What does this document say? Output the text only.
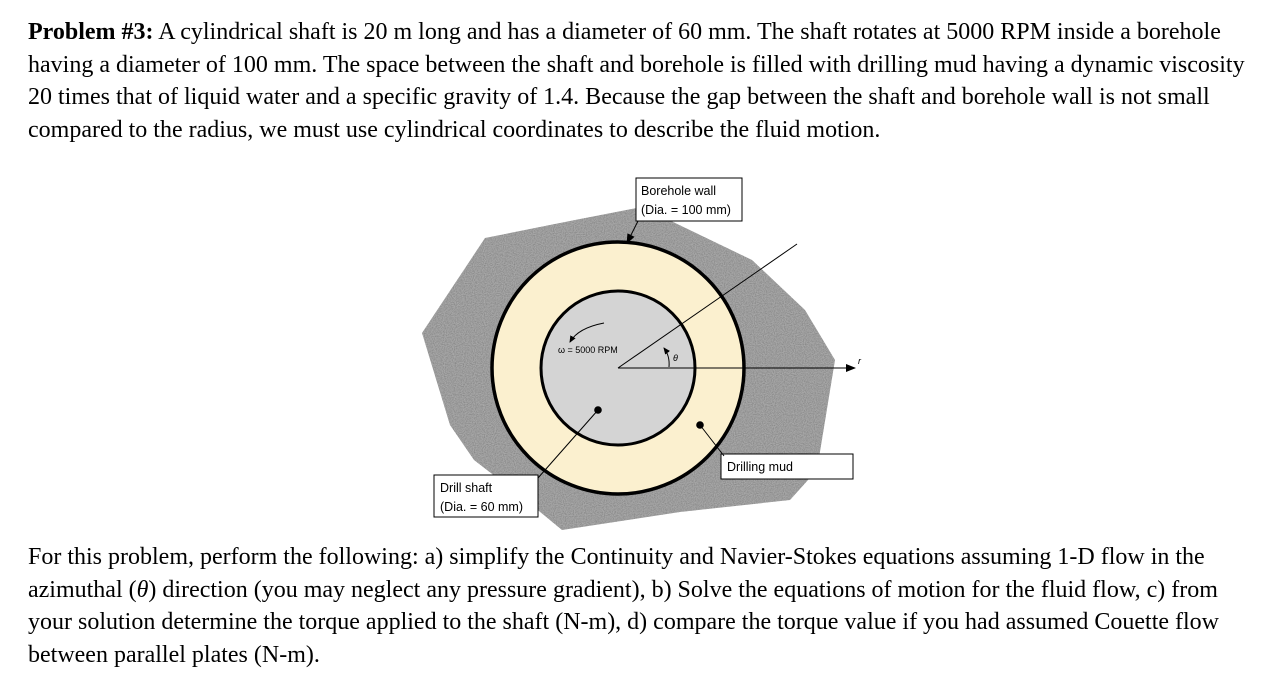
Problem #3: A cylindrical shaft is 20 m long and has a diameter of 60 mm. The shaft rotates at 5000 RPM inside a borehole having a diameter of 100 mm. The space between the shaft and borehole is filled with drilling mud having a dynamic viscosity 20 times that of liquid water and a specific gravity of 1.4. Because the gap between the shaft and borehole wall is not small compared to the radius, we must use cylindrical coordinates to describe the fluid motion.

ω = 5000 RPM
r
θ
Borehole wall
(Dia. = 100 mm)
Drilling mud
Drill shaft
(Dia. = 60 mm)

For this problem, perform the following: a) simplify the Continuity and Navier-Stokes equations assuming 1-D flow in the azimuthal (θ) direction (you may neglect any pressure gradient), b) Solve the equations of motion for the fluid flow, c) from your solution determine the torque applied to the shaft (N-m), d) compare the torque value if you had assumed Couette flow between parallel plates (N-m).
